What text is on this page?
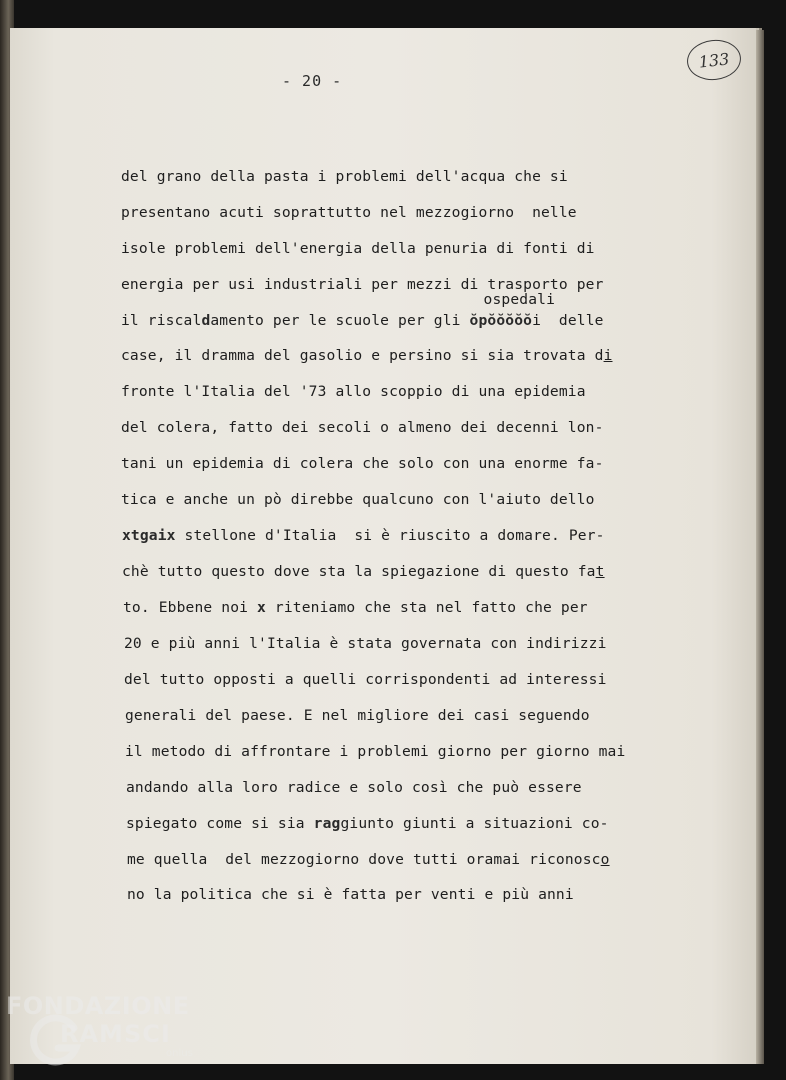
- 20 -
133
del grano della pasta i problemi dell'acqua che si
presentano acuti soprattutto nel mezzogiorno  nelle
isole problemi dell'energia della penuria di fonti di
energia per usi industriali per mezzi di trasporto per
il riscaldamento per le scuole per gli
ospedali
ŏpŏŏŏŏŏi  delle
case, il dramma del gasolio e persino si sia trovata di
fronte l'Italia del '73 allo scoppio di una epidemia
del colera, fatto dei secoli o almeno dei decenni lon-
tani un epidemia di colera che solo con una enorme fa-
tica e anche un pò direbbe qualcuno con l'aiuto dello
xtgaix stellone d'Italia  si è riuscito a domare. Per-
chè tutto questo dove sta la spiegazione di questo fat
to. Ebbene noi x riteniamo che sta nel fatto che per
20 e più anni l'Italia è stata governata con indirizzi
del tutto opposti a quelli corrispondenti ad interessi
generali del paese. E nel migliore dei casi seguendo
il metodo di affrontare i problemi giorno per giorno mai
andando alla loro radice e solo così che può essere
spiegato come si sia raggiunto giunti a situazioni co-
me quella  del mezzogiorno dove tutti oramai riconosco
no la politica che si è fatta per venti e più anni
FONDAZIONE
RAMSCI
onlus
